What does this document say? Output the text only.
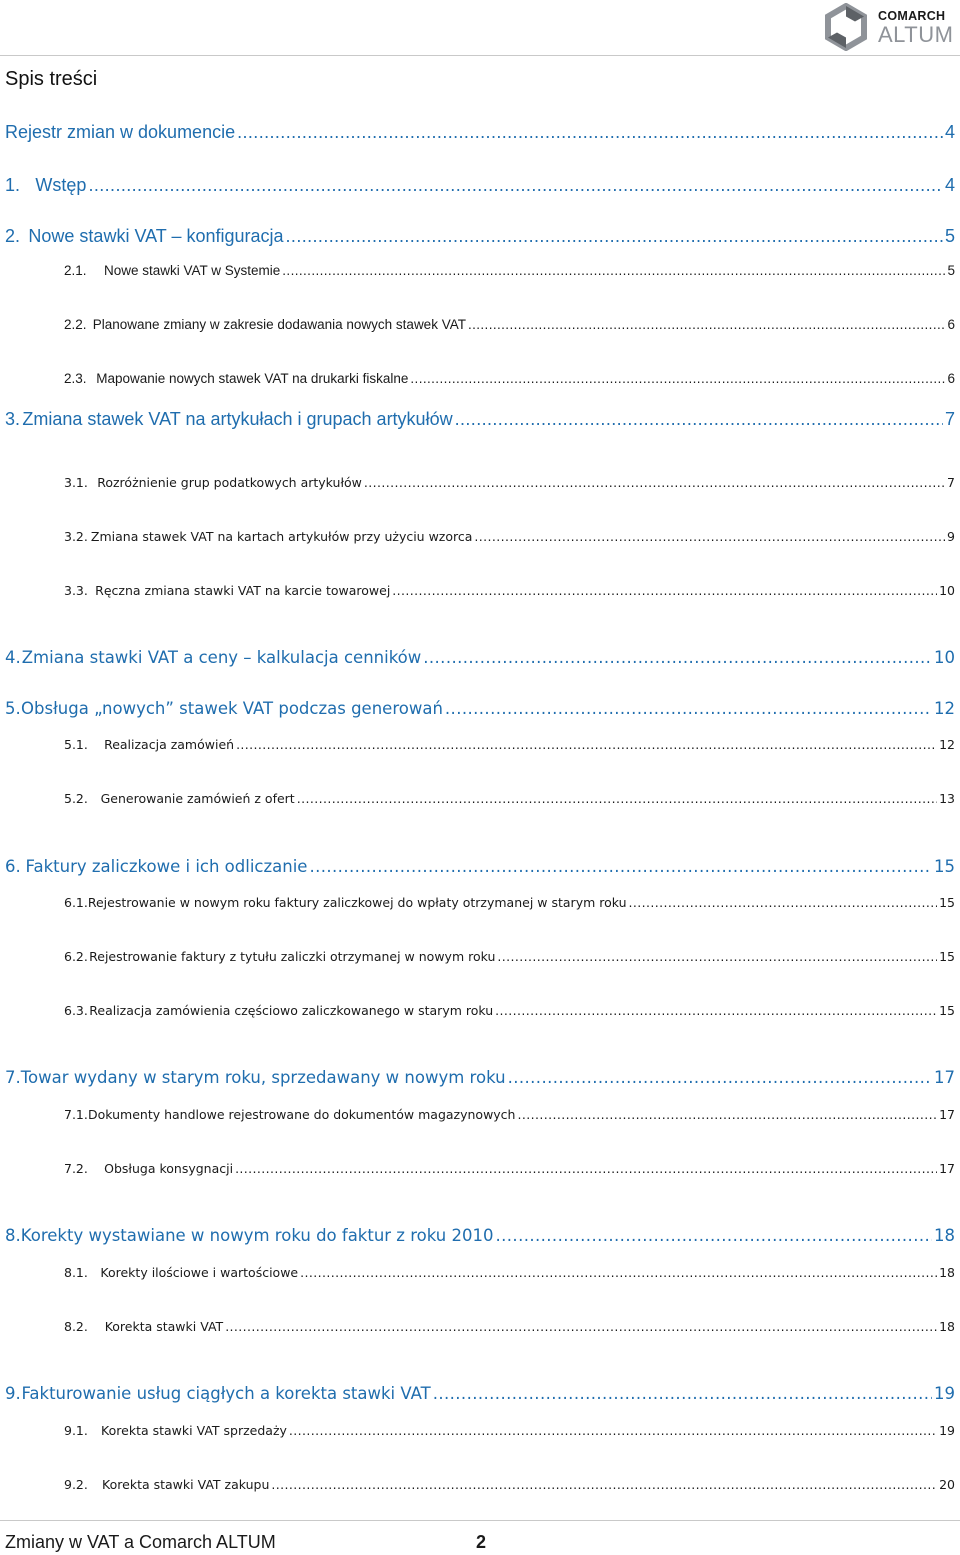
COMARCH
ALTUM
Spis treści
Rejestr zmian w dokumencie .....	4
1. Wstęp .....	4
2. Nowe stawki VAT – konfiguracja .....	5
2.1.	Nowe stawki VAT w Systemie .....	5
2.2. Planowane zmiany w zakresie dodawania nowych stawek VAT .....	6
2.3. Mapowanie nowych stawek VAT na drukarki fiskalne .....	6
3. Zmiana stawek VAT na artykułach i grupach artykułów .....	7
3.1. Rozróżnienie grup podatkowych artykułów .....	7
3.2. Zmiana stawek VAT na kartach artykułów przy użyciu wzorca .....	9
3.3. Ręczna zmiana stawki VAT na karcie towarowej .....	10
4. Zmiana stawki VAT a ceny – kalkulacja cenników .....	10
5. Obsługa „nowych” stawek VAT podczas generowań .....	12
5.1.	Realizacja zamówień .....	12
5.2.	Generowanie zamówień z ofert .....	13
6. Faktury zaliczkowe i ich odliczanie .....	15
6.1. Rejestrowanie w nowym roku faktury zaliczkowej do wpłaty otrzymanej w starym roku .....	15
6.2. Rejestrowanie faktury z tytułu zaliczki otrzymanej w nowym roku .....	15
6.3. Realizacja zamówienia częściowo zaliczkowanego w starym roku .....	15
7. Towar wydany w starym roku, sprzedawany w nowym roku .....	17
7.1. Dokumenty handlowe rejestrowane do dokumentów magazynowych .....	17
7.2.	Obsługa konsygnacji .....	17
8. Korekty wystawiane w nowym roku do faktur z roku 2010 .....	18
8.1.	Korekty ilościowe i wartościowe .....	18
8.2.	Korekta stawki VAT .....	18
9. Fakturowanie usług ciągłych a korekta stawki VAT .....	19
9.1.	Korekta stawki VAT sprzedaży .....	19
9.2.	Korekta stawki VAT zakupu .....	20
Zmiany w VAT a Comarch ALTUM	2
